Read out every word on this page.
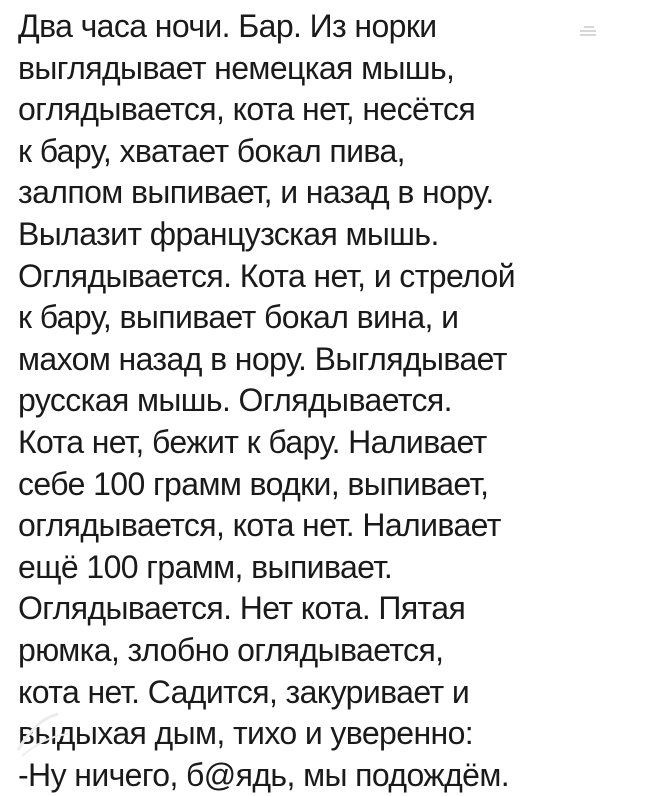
Два часа ночи. Бар. Из норки
выглядывает немецкая мышь,
оглядывается, кота нет, несётся
к бару, хватает бокал пива,
залпом выпивает, и назад в нору.
Вылазит французская мышь.
Оглядывается. Кота нет, и стрелой
к бару, выпивает бокал вина, и
махом назад в нору. Выглядывает
русская мышь. Оглядывается.
Кота нет, бежит к бару. Наливает
себе 100 грамм водки, выпивает,
оглядывается, кота нет. Наливает
ещё 100 грамм, выпивает.
Оглядывается. Нет кота. Пятая
рюмка, злобно оглядывается,
кота нет. Садится, закуривает и
выдыхая дым, тихо и уверенно:
-Ну ничего, б@ядь, мы подождём.
